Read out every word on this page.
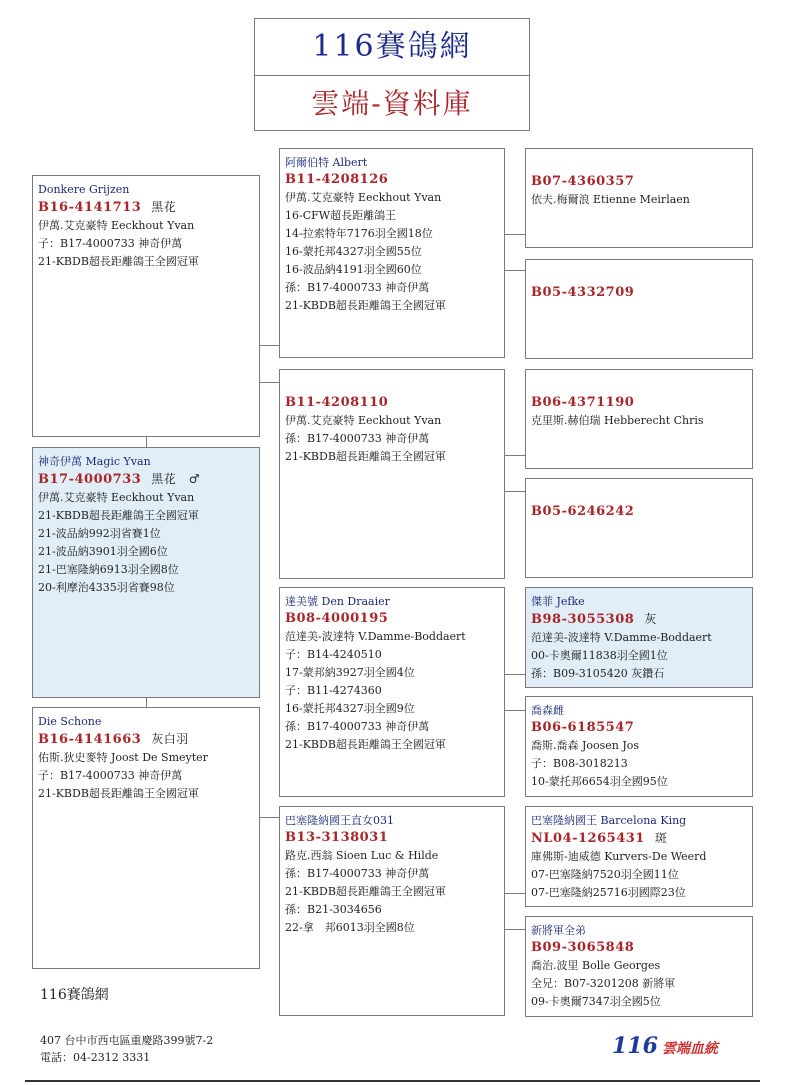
116賽鴿網
雲端-資料庫
Donkere Grijzen
B16-4141713 黑花
伊萬.艾克豪特 Eeckhout Yvan
子：B17-4000733 神奇伊萬
21-KBDB超長距離鴿王全國冠軍
神奇伊萬 Magic Yvan
B17-4000733 黑花　♂
伊萬.艾克豪特 Eeckhout Yvan
21-KBDB超長距離鴿王全國冠軍
21-波品納992羽省賽1位
21-波品納3901羽全國6位
21-巴塞隆納6913羽全國8位
20-利摩治4335羽省賽98位
Die Schone
B16-4141663 灰白羽
佑斯.狄史麥特 Joost De Smeyter
子：B17-4000733 神奇伊萬
21-KBDB超長距離鴿王全國冠軍
阿爾伯特 Albert
B11-4208126
伊萬.艾克豪特 Eeckhout Yvan
16-CFW超長距離鴿王
14-拉索特年7176羽全國18位
16-蒙托邦4327羽全國55位
16-波品納4191羽全國60位
孫：B17-4000733 神奇伊萬
21-KBDB超長距離鴿王全國冠軍
B11-4208110
伊萬.艾克豪特 Eeckhout Yvan
孫：B17-4000733 神奇伊萬
21-KBDB超長距離鴿王全國冠軍
達美號 Den Draaier
B08-4000195
范達美-波達特 V.Damme-Boddaert
子：B14-4240510
17-蒙邦納3927羽全國4位
子：B11-4274360
16-蒙托邦4327羽全國9位
孫：B17-4000733 神奇伊萬
21-KBDB超長距離鴿王全國冠軍
巴塞隆納國王直女031
B13-3138031
路克.西翁 Sioen Luc & Hilde
孫：B17-4000733 神奇伊萬
21-KBDB超長距離鴿王全國冠軍
孫：B21-3034656
22-拿　邦6013羽全國8位
B07-4360357
依夫.梅爾浪 Etienne Meirlaen
B05-4332709
B06-4371190
克里斯.赫伯瑞 Hebberecht Chris
B05-6246242
傑菲 Jefke
B98-3055308 灰
范達美-波達特 V.Damme-Boddaert
00-卡奧爾11838羽全國1位
孫：B09-3105420 灰鑽石
喬森雌
B06-6185547
喬斯.喬森 Joosen Jos
子：B08-3018213
10-蒙托邦6654羽全國95位
巴塞隆納國王 Barcelona King
NL04-1265431 斑
庫佛斯-迪威德 Kurvers-De Weerd
07-巴塞隆納7520羽全國11位
07-巴塞隆納25716羽國際23位
新將軍全弟
B09-3065848
喬治.波里 Bolle Georges
全兄：B07-3201208 新將軍
09-卡奧爾7347羽全國5位
116賽鴿網
407 台中市西屯區重慶路399號7-2
電話：04-2312 3331	116 雲端血統
